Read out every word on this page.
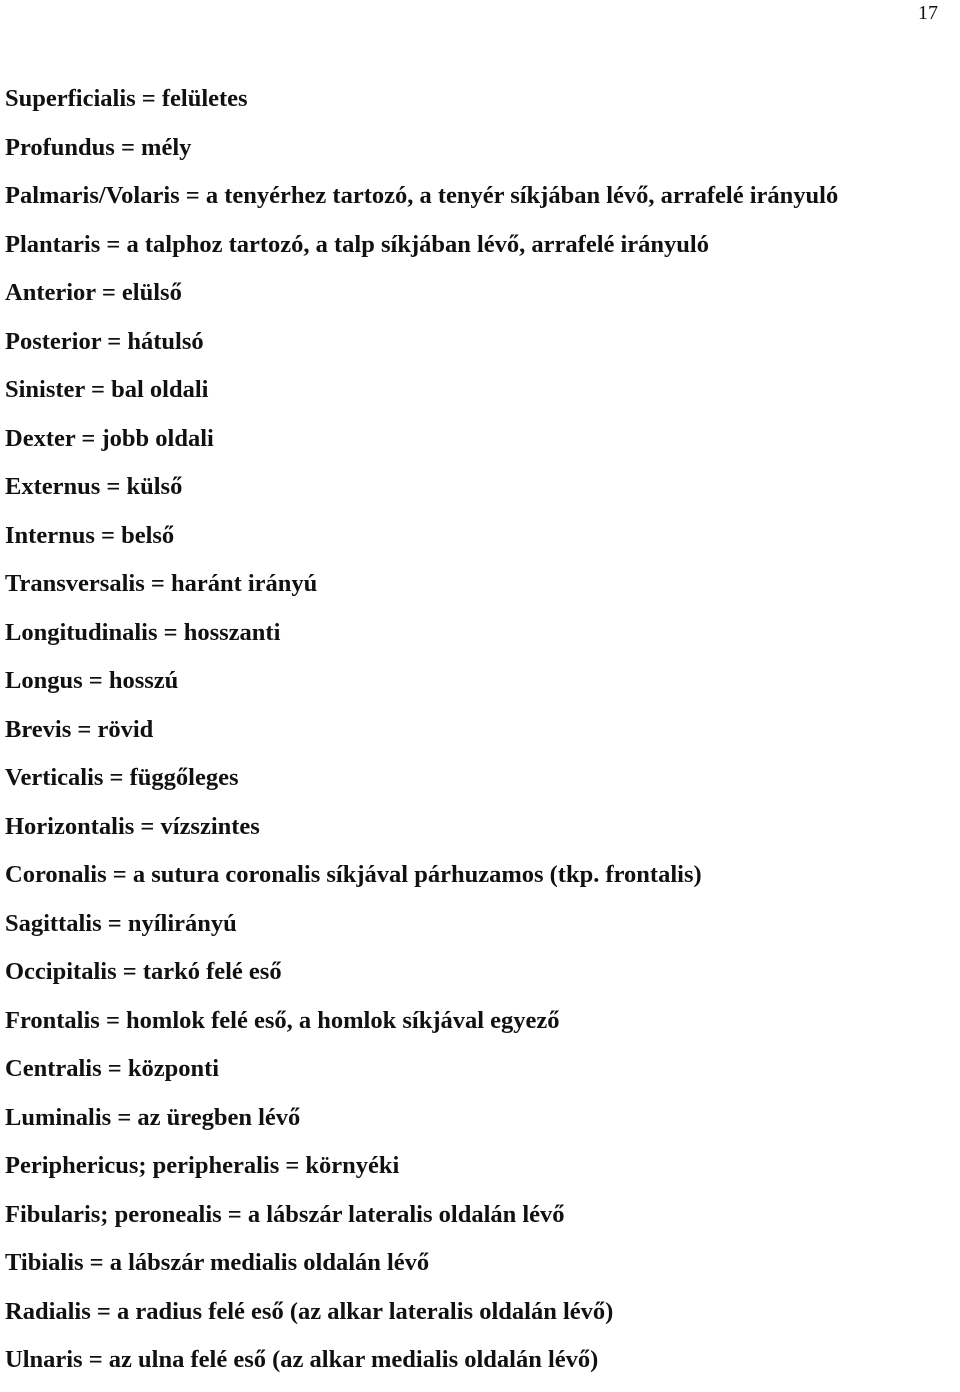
17
Superficialis = felületes
Profundus = mély
Palmaris/Volaris = a tenyérhez tartozó, a tenyér síkjában lévő, arrafelé irányuló
Plantaris = a talphoz tartozó, a talp síkjában lévő, arrafelé irányuló
Anterior = elülső
Posterior = hátulsó
Sinister = bal oldali
Dexter = jobb oldali
Externus = külső
Internus = belső
Transversalis = haránt irányú
Longitudinalis = hosszanti
Longus = hosszú
Brevis = rövid
Verticalis = függőleges
Horizontalis = vízszintes
Coronalis = a sutura coronalis síkjával párhuzamos (tkp. frontalis)
Sagittalis = nyílirányú
Occipitalis = tarkó felé eső
Frontalis = homlok felé eső, a homlok síkjával egyező
Centralis = központi
Luminalis = az üregben lévő
Periphericus; peripheralis = környéki
Fibularis; peronealis = a lábszár lateralis oldalán lévő
Tibialis = a lábszár medialis oldalán lévő
Radialis = a radius felé eső (az alkar lateralis oldalán lévő)
Ulnaris = az ulna felé eső (az alkar medialis oldalán lévő)
